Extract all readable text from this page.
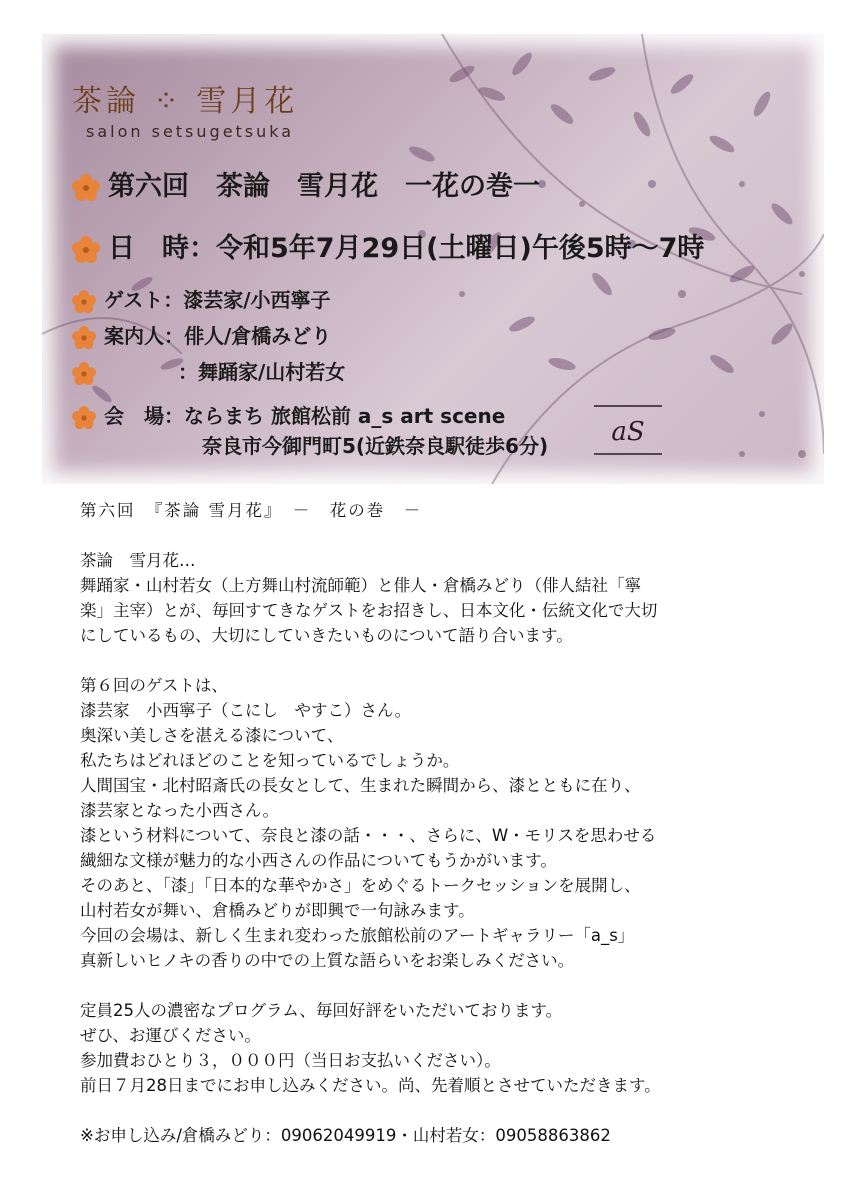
茶論 ⁘ 雪月花
salon setsugetsuka
第六回　茶論　雪月花　一花の巻一
日　時：令和5年7月29日(土曜日)午後5時～7時
ゲスト：漆芸家/小西寧子
案内人：俳人/倉橋みどり
：舞踊家/山村若女
会　場：ならまち 旅館松前 a_s art scene
奈良市今御門町5(近鉄奈良駅徒歩6分) aS

第六回　『茶論 雪月花』　－　花の巻　－

茶論　雪月花…

舞踊家・山村若女（上方舞山村流師範）と俳人・倉橋みどり（俳人結社「寧

楽」主宰）とが、毎回すてきなゲストをお招きし、日本文化・伝統文化で大切

にしているもの、大切にしていきたいものについて語り合います。

第６回のゲストは、

漆芸家　小西寧子（こにし　やすこ）さん。

奥深い美しさを湛える漆について、

私たちはどれほどのことを知っているでしょうか。

人間国宝・北村昭斎氏の長女として、生まれた瞬間から、漆とともに在り、

漆芸家となった小西さん。

漆という材料について、奈良と漆の話・・・、さらに、W・モリスを思わせる

繊細な文様が魅力的な小西さんの作品についてもうかがいます。

そのあと、「漆」「日本的な華やかさ」をめぐるトークセッションを展開し、

山村若女が舞い、倉橋みどりが即興で一句詠みます。

今回の会場は、新しく生まれ変わった旅館松前のアートギャラリー「a_s」

真新しいヒノキの香りの中での上質な語らいをお楽しみください。

定員25人の濃密なプログラム、毎回好評をいただいております。

ぜひ、お運びください。

参加費おひとり３，０００円（当日お支払いください）。

前日７月28日までにお申し込みください。尚、先着順とさせていただきます。

※お申し込み/倉橋みどり：09062049919・山村若女：09058863862
